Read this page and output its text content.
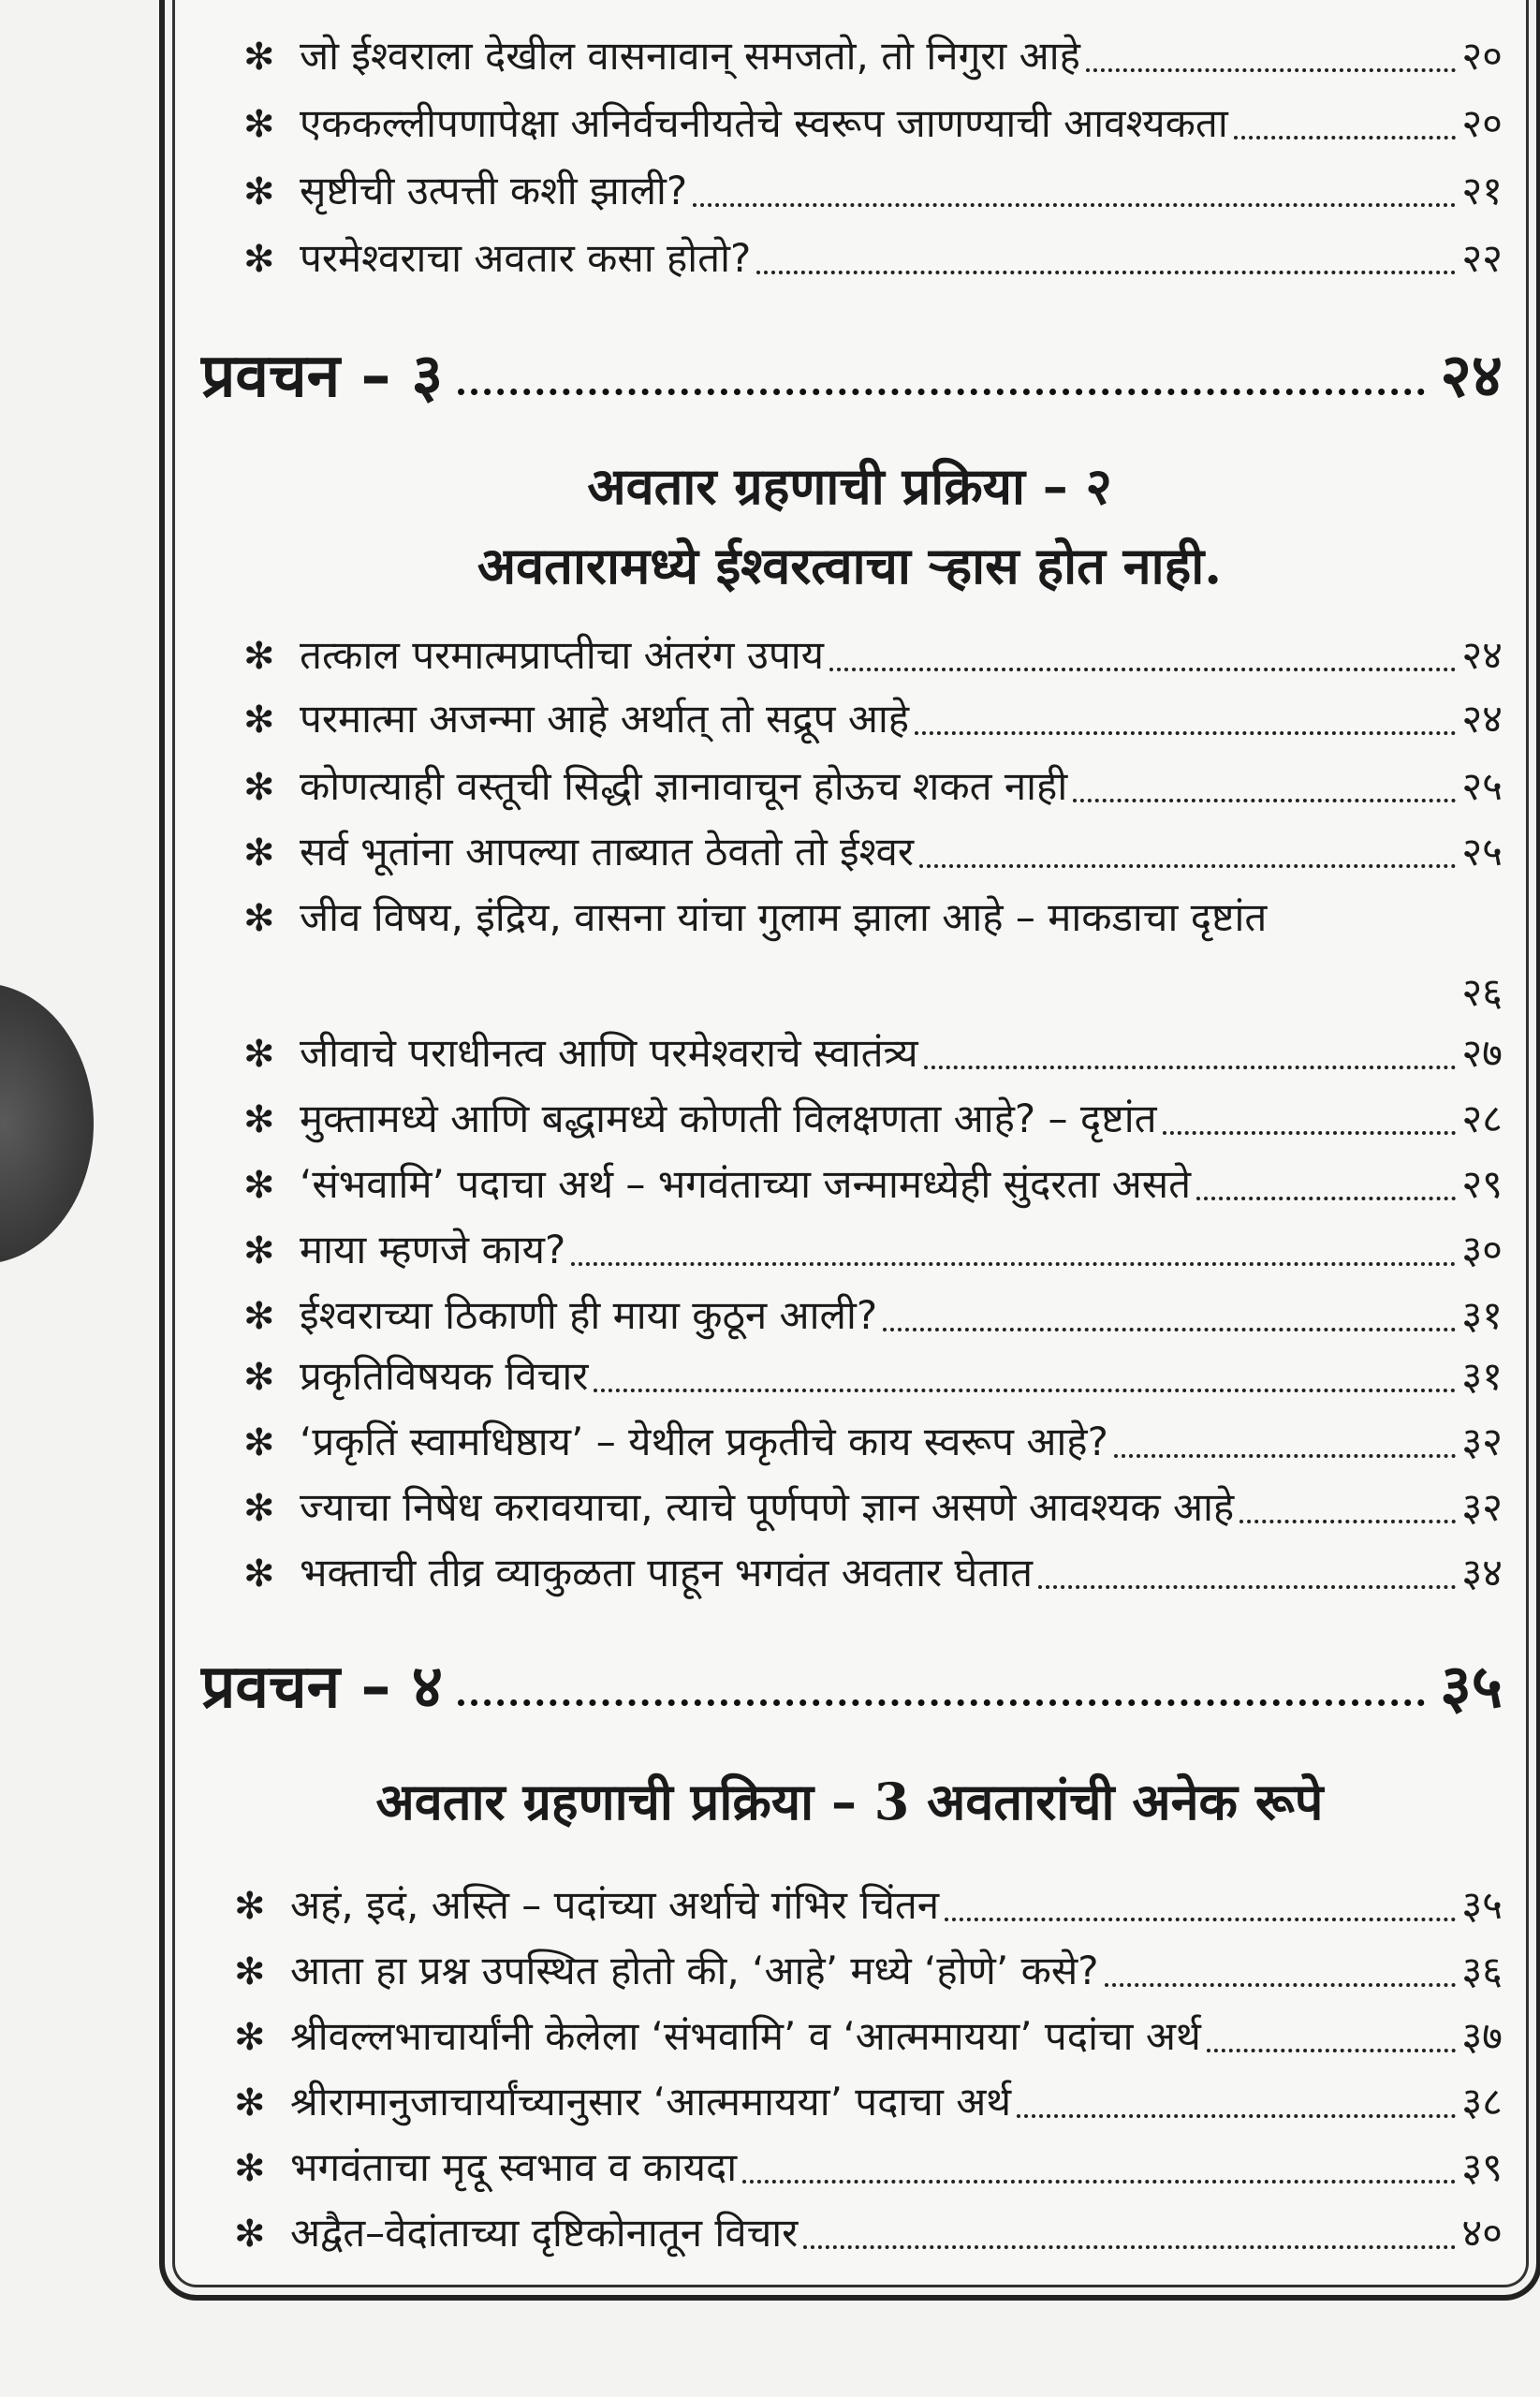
✻ जो ईश्वराला देखील वासनावान् समजतो, तो निगुरा आहे	२०
✻ एककल्लीपणापेक्षा अनिर्वचनीयतेचे स्वरूप जाणण्याची आवश्यकता	२०
✻ सृष्टीची उत्पत्ती कशी झाली?	२१
✻ परमेश्वराचा अवतार कसा होतो?	२२
प्रवचन – ३	२४
अवतार ग्रहणाची प्रक्रिया – २
अवतारामध्ये ईश्वरत्वाचा ऱ्हास होत नाही.
✻ तत्काल परमात्मप्राप्तीचा अंतरंग उपाय	२४
✻ परमात्मा अजन्मा आहे अर्थात् तो सद्रूप आहे	२४
✻ कोणत्याही वस्तूची सिद्धी ज्ञानावाचून होऊच शकत नाही	२५
✻ सर्व भूतांना आपल्या ताब्यात ठेवतो तो ईश्वर	२५
✻ जीव विषय, इंद्रिय, वासना यांचा गुलाम झाला आहे – माकडाचा दृष्टांत
२६
✻ जीवाचे पराधीनत्व आणि परमेश्वराचे स्वातंत्र्य	२७
✻ मुक्तामध्ये आणि बद्धामध्ये कोणती विलक्षणता आहे? – दृष्टांत	२८
✻ ‘संभवामि’ पदाचा अर्थ – भगवंताच्या जन्मामध्येही सुंदरता असते	२९
✻ माया म्हणजे काय?	३०
✻ ईश्वराच्या ठिकाणी ही माया कुठून आली?	३१
✻ प्रकृतिविषयक विचार	३१
✻ ‘प्रकृतिं स्वामधिष्ठाय’ – येथील प्रकृतीचे काय स्वरूप आहे?	३२
✻ ज्याचा निषेध करावयाचा, त्याचे पूर्णपणे ज्ञान असणे आवश्यक आहे	३२
✻ भक्ताची तीव्र व्याकुळता पाहून भगवंत अवतार घेतात	३४
प्रवचन – ४	३५
अवतार ग्रहणाची प्रक्रिया – 3 अवतारांची अनेक रूपे
✻ अहं, इदं, अस्ति – पदांच्या अर्थाचे गंभिर चिंतन	३५
✻ आता हा प्रश्न उपस्थित होतो की, ‘आहे’ मध्ये ‘होणे’ कसे?	३६
✻ श्रीवल्लभाचार्यांनी केलेला ‘संभवामि’ व ‘आत्ममायया’ पदांचा अर्थ	३७
✻ श्रीरामानुजाचार्यांच्यानुसार ‘आत्ममायया’ पदाचा अर्थ	३८
✻ भगवंताचा मृदू स्वभाव व कायदा	३९
✻ अद्वैत–वेदांताच्या दृष्टिकोनातून विचार	४०
